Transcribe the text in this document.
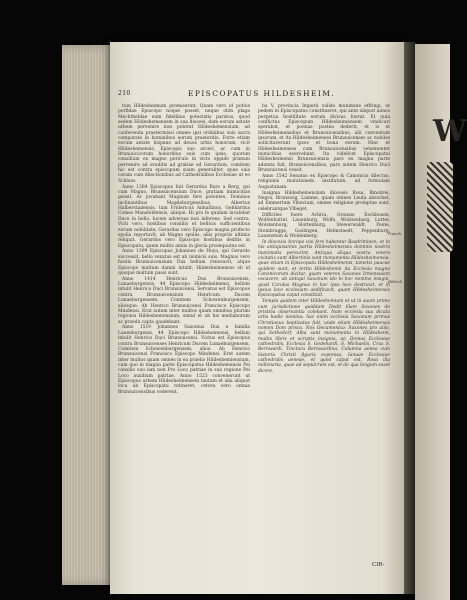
210	EPISCOPATUS HILDESHEIM.

tum Hildesheimum promiserint. Quam vero id potius perfidae Episcopo noque posset, neque olim plaga Mechtheldae eum fidelibus potestatis paratos, quod sedem Hildeshemensem in sua diocesi, dum eorum aetate urbem pervenire non poterat Hildeshemensium, ad conferenda praetermissi omnes ipsi ordinibus suis sacra comparate in hominibus eorum praeteritis. Forte etiam eorum aetate hispano ad deuos urbis honorum, vicit Hildeshemensis, Episcopis suo arceri, ac cum in Bruniuicicorum honoribus suis cum ipsis, quorum consilium ex magno periculo in victo oppido primum pervenire ad eruditis ad gratiae ad Gerardum, comitem hic est contra episcopum suam generaliter, quae suis coram cum dilectionibus ad Cathedralibus Ecclesiae ut eo Schluss.

Anno 1384 Episcopus fuit Gerardus Baro a Berg, qui cum Magno, Brunsuicensium Duce, gratiam inimicitias gessit. Ac juvabant Magnum fere potentes, Dominos inclinantibus Magdeburgensibus, Albertus Halberstadensis, tum Fridericus Anhaltinus, Gebhardus Comes Mansfeldensis, aliique. Hi pro fe quidam invalebat Duce in bello, lucem adversus non inferens. Sed contra. Victi vero, hostibus consiliis et bellicis sufficientibus eorum nobilitate, Gerardus vero Episcopo magna profecto spolia reportavit, ab Magno spoliis, aliis propriis ultimis reliquit. Gerardus vero Episcopo hostibus deditis in Episcopatu, quem multis annis in gloria prosequutus est.

Anno 1399 Episcopus Johannes de Hoya, qui Gerardo successit, bello vexatus est ab inimicis suis. Magnus vero hostis Brunsuicensium Dux bellum renovavit, atque Episcopo multum damni intulit; Hildesheimenses ob id quoque multum passi sunt.

Anno 1414 Henricus Dux Brunsuicensis, Lunaeburgensis, 44 Episcopo Hildesheimensi, bellum intulit Henrico Duci Brunsuicensi. Servatus est Episcopus contra Brunsuicensium Henricum Ducem Lunaeburgensem, Comitem Schowenburgensem, aliosque. Ab Henrico Brunsuicensi Francisco Episcopo Mindensi. Erat autem inter multos quam omnibus plurimi regionis Hildeshemensium, simul et ab his mediaborum ac praeda capta gaudebant.

Anno 1519 Johannes Saxonius Dux e familia Lauenburgensi, 44 Episcopo Hildesheimensi, bellum intulit Henrico Duci Brunsuicensi. Victus est Episcopus contra Brunsuicenses Henricum Ducem Lunaeburgensem, Comitem Schowenburgensem, alios. Ab Henrico Brunsuicensi Francisco Episcopo Mindensi. Erat autem inter multos quam omnes in ea praelio Hildeshemiensium, cum quo in magna parte Episcopatus Hildeshemensis Pei consilio suo iam non Pro Loco patriae in sua regione Pei Loco auxilium patriae. Anno 1523 convenerunt ut Episcopus urbem Hildesheimensem tantum et alia aliquot loca ab Episcopatu retineret; cetera vero omnia Brunsuicensibus cederent.

ba V, provincia Imperii valido munimine effringi, ut pedem in Episcopatus constitueret, qui ante aliquot annos perpetua hostilitate eorum divisus fuerat. Et quia conflictus Episcopum Hildesheimensem vindicari sperabat, et poenas postea dederit, et is et Hildesheimensibus et Brunsuicensibus, alii conventum ipsorum, et ita Hildesheimenses Brunsuicenses ac nobiles sollicitaverunt ipsos et bona eorum. Hinc et Hildesheimenses cum Brunsuicensibus vehementer inimicitias exercebant. Ita videlicet Episcopatui Hildesheimensi Brunsuicensis pars ex magna parte ademta fuit, Brunsuicensibus, pars autem Henrico Duci Brunsuicensi cessit.

Anno 1542 Senatus ex Episcopo & Canonicis dilectus, religionis mutationem institutum, ad formulam Augustanam.

Insignia Hildeshemensium diocesis Rosa, Binobrei, Negra, Brunswig, Lamme, quam omnes Leuta absorbet, ad Emmertum Vlbecium, omnes religione promptae sunt, celebrantque Vlbeget.

Difficiles fuere Achiva, Gronaw, Eschhusen, Wolfenbuttel, Lauenburg, Wolfe, Wolstenburg, Lutter, Wolstenburg, Slottenburg, Stewerwaldt, Peine, Steinbrugge, Goslingen, Helmstaedt, Peppenburg, Lauenstein & Woldenberg.

In diocesis Anropo visi fere habentur Basdriminen, et in his antiquissimis partis Hildesheimensis dominis nostris inanimatis pereurint. Antiqua aliqua nostra vetera civitatis sunt Albertinis sunt monumenta Hildesheimensia, quae etiam in Episcopatu Hildesheimensi, tametsi paucae quidem sunt, et tertio Hildeshemii ita Ecclesia magna Canonicorum dicitur, quam veteres Saxones Irmensulam vocavere, ab antiqui Saxonum ido lo hoc nomine insigni, quod Carolus Magnus in hoc ipso loco destruxit, et in ipsius loco ecclesiam aedificavit, quam Hildesheimensis Episcopatus caput constituit.

Templa quidem inter Hildeshemium et ut in suum primo cum jurisdictione quiddam Dedit illam Saxones de pristina observantia colebant. Nam ecclesia sua dicata urbs hodie nomina: hac enim ecclesia Saxonum primus Christianus baptizatus fuit, unde etiam Hildesheimensis nomen Dom prisca. Nos Oecumenica: Saxones pro aliis, qui Sethedorf. Alba sunt monumenta in Hildesheim, multis libris et scriptis insignia, ut: Domus Ecclesiae cathedralis, Ecclesia S. Godehardi, S. Michaelis, Crux S. Bernwardi, Tinctura Bernwardina, Columna aenea cum historia Christi figuris expressa, Ianuae Ecclesiae cathedralis aeneae, et quod caput est, Rosa illa millenaria, quae ad sepulcrum est, et de qua longum esset dicere.

Pranch.
Hildesh.
CIR-
W
